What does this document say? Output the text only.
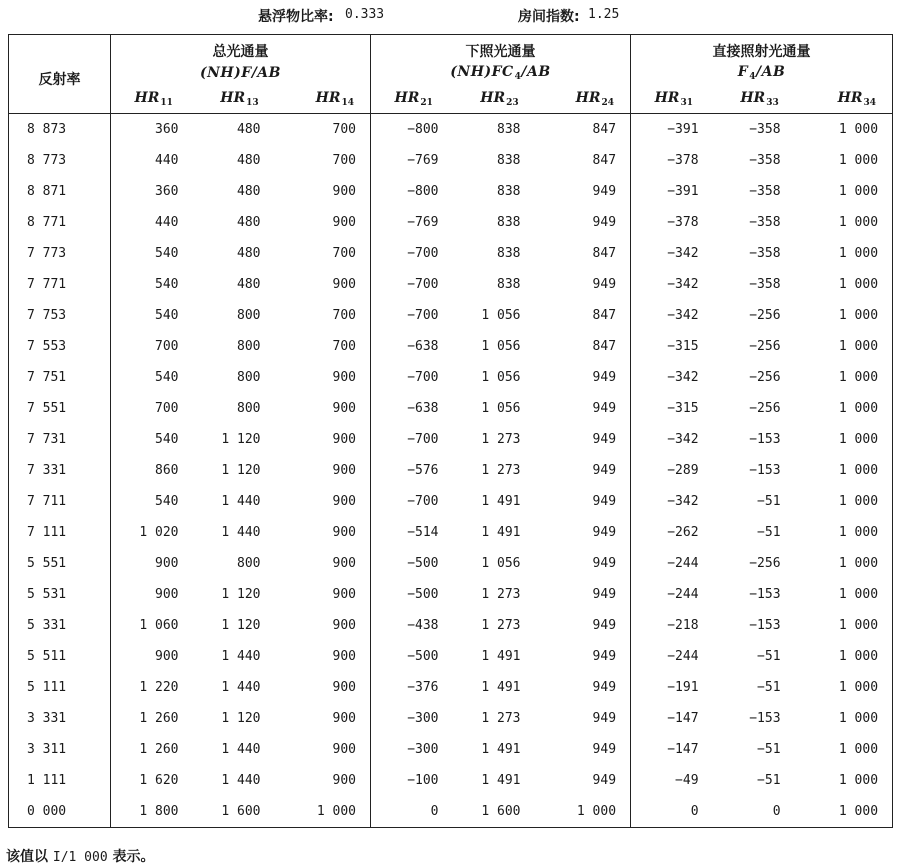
悬浮物比率: 0.333	房间指数: 1.25
反射率	总光通量			下照光通量			直接照射光通量		
	(NH)F/AB			$(NH)FC_4/AB$			$F_4/AB$		
	$HR_{11}$	$HR_{13}$	$HR_{14}$	$HR_{21}$	$HR_{23}$	$HR_{24}$	$HR_{31}$	$HR_{33}$	$HR_{34}$
8 873	360	480	700	−800	838	847	−391	−358	1 000
8 773	440	480	700	−769	838	847	−378	−358	1 000
8 871	360	480	900	−800	838	949	−391	−358	1 000
8 771	440	480	900	−769	838	949	−378	−358	1 000
7 773	540	480	700	−700	838	847	−342	−358	1 000
7 771	540	480	900	−700	838	949	−342	−358	1 000
7 753	540	800	700	−700	1 056	847	−342	−256	1 000
7 553	700	800	700	−638	1 056	847	−315	−256	1 000
7 751	540	800	900	−700	1 056	949	−342	−256	1 000
7 551	700	800	900	−638	1 056	949	−315	−256	1 000
7 731	540	1 120	900	−700	1 273	949	−342	−153	1 000
7 331	860	1 120	900	−576	1 273	949	−289	−153	1 000
7 711	540	1 440	900	−700	1 491	949	−342	−51	1 000
7 111	1 020	1 440	900	−514	1 491	949	−262	−51	1 000
5 551	900	800	900	−500	1 056	949	−244	−256	1 000
5 531	900	1 120	900	−500	1 273	949	−244	−153	1 000
5 331	1 060	1 120	900	−438	1 273	949	−218	−153	1 000
5 511	900	1 440	900	−500	1 491	949	−244	−51	1 000
5 111	1 220	1 440	900	−376	1 491	949	−191	−51	1 000
3 331	1 260	1 120	900	−300	1 273	949	−147	−153	1 000
3 311	1 260	1 440	900	−300	1 491	949	−147	−51	1 000
1 111	1 620	1 440	900	−100	1 491	949	−49	−51	1 000
0 000	1 800	1 600	1 000	0	1 600	1 000	0	0	1 000
该值以 I/1 000 表示。
